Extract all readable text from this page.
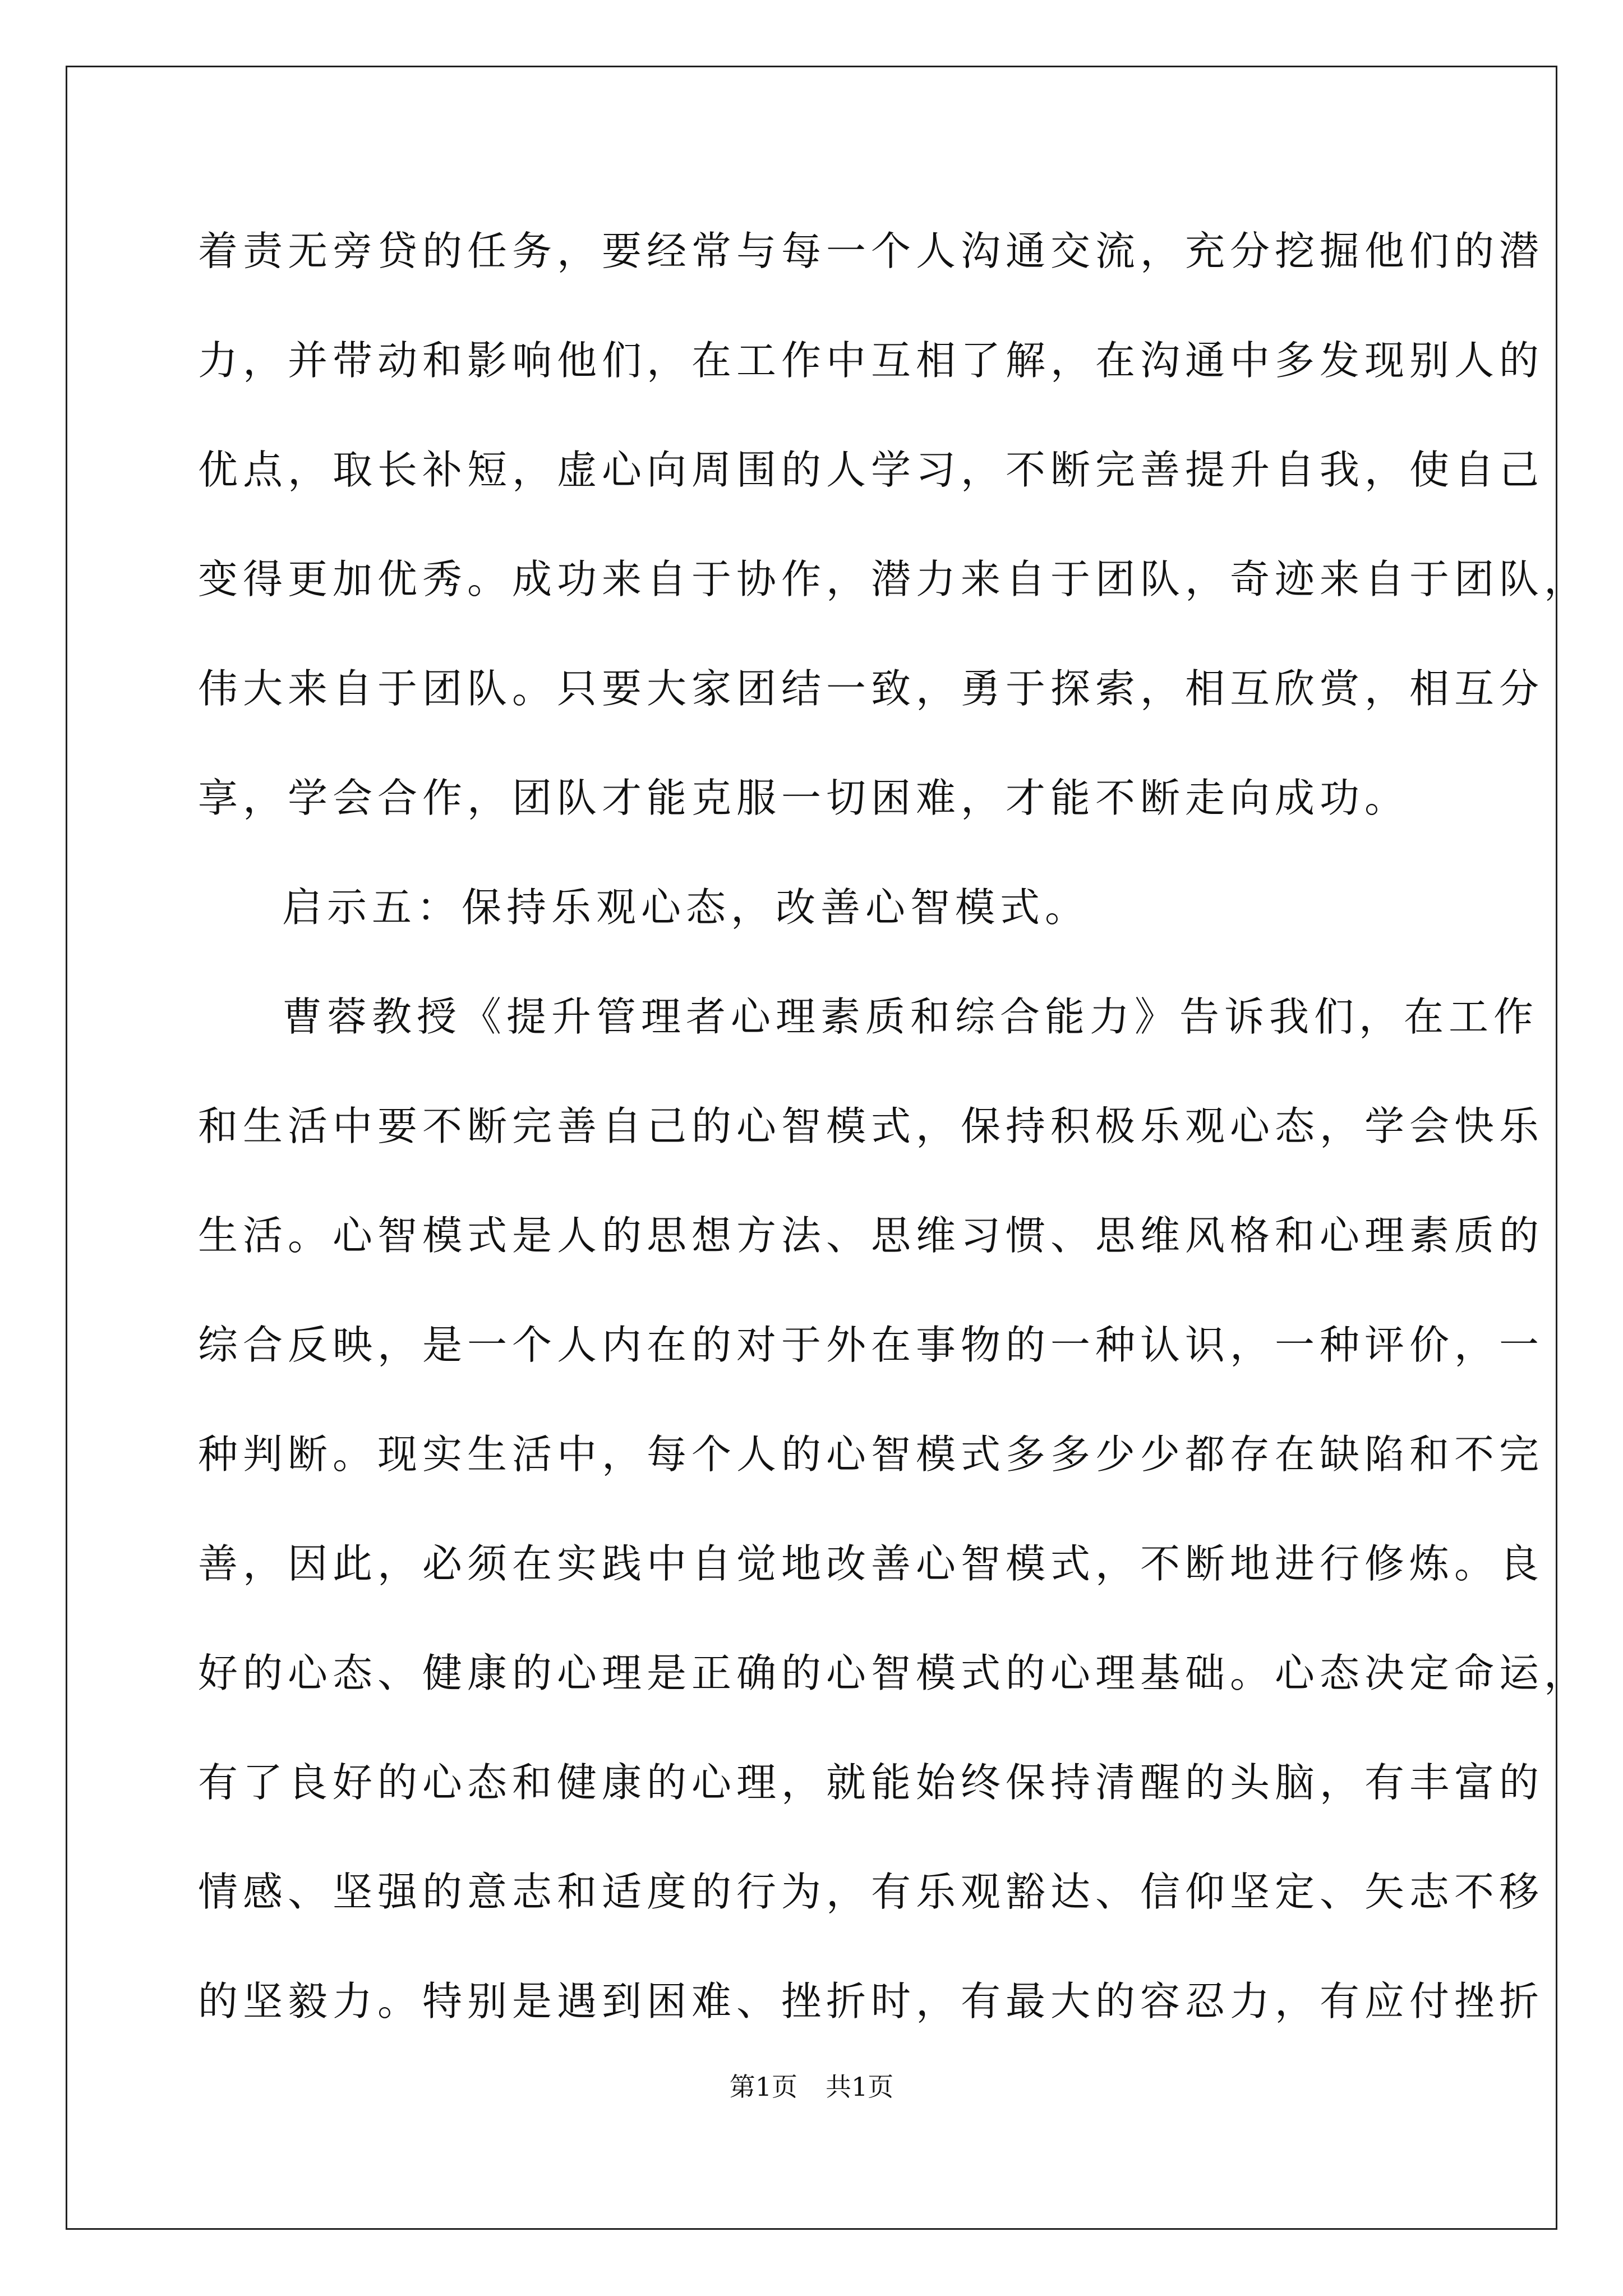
着责无旁贷的任务，要经常与每一个人沟通交流，充分挖掘他们的潜
力，并带动和影响他们，在工作中互相了解，在沟通中多发现别人的
优点，取长补短，虚心向周围的人学习，不断完善提升自我，使自己
变得更加优秀。成功来自于协作，潜力来自于团队，奇迹来自于团队，
伟大来自于团队。只要大家团结一致，勇于探索，相互欣赏，相互分
享，学会合作，团队才能克服一切困难，才能不断走向成功。
启示五：保持乐观心态，改善心智模式。
曹蓉教授《提升管理者心理素质和综合能力》告诉我们，在工作
和生活中要不断完善自己的心智模式，保持积极乐观心态，学会快乐
生活。心智模式是人的思想方法、思维习惯、思维风格和心理素质的
综合反映，是一个人内在的对于外在事物的一种认识，一种评价，一
种判断。现实生活中，每个人的心智模式多多少少都存在缺陷和不完
善，因此，必须在实践中自觉地改善心智模式，不断地进行修炼。良
好的心态、健康的心理是正确的心智模式的心理基础。心态决定命运，
有了良好的心态和健康的心理，就能始终保持清醒的头脑，有丰富的
情感、坚强的意志和适度的行为，有乐观豁达、信仰坚定、矢志不移
的坚毅力。特别是遇到困难、挫折时，有最大的容忍力，有应付挫折
第1页 共1页
